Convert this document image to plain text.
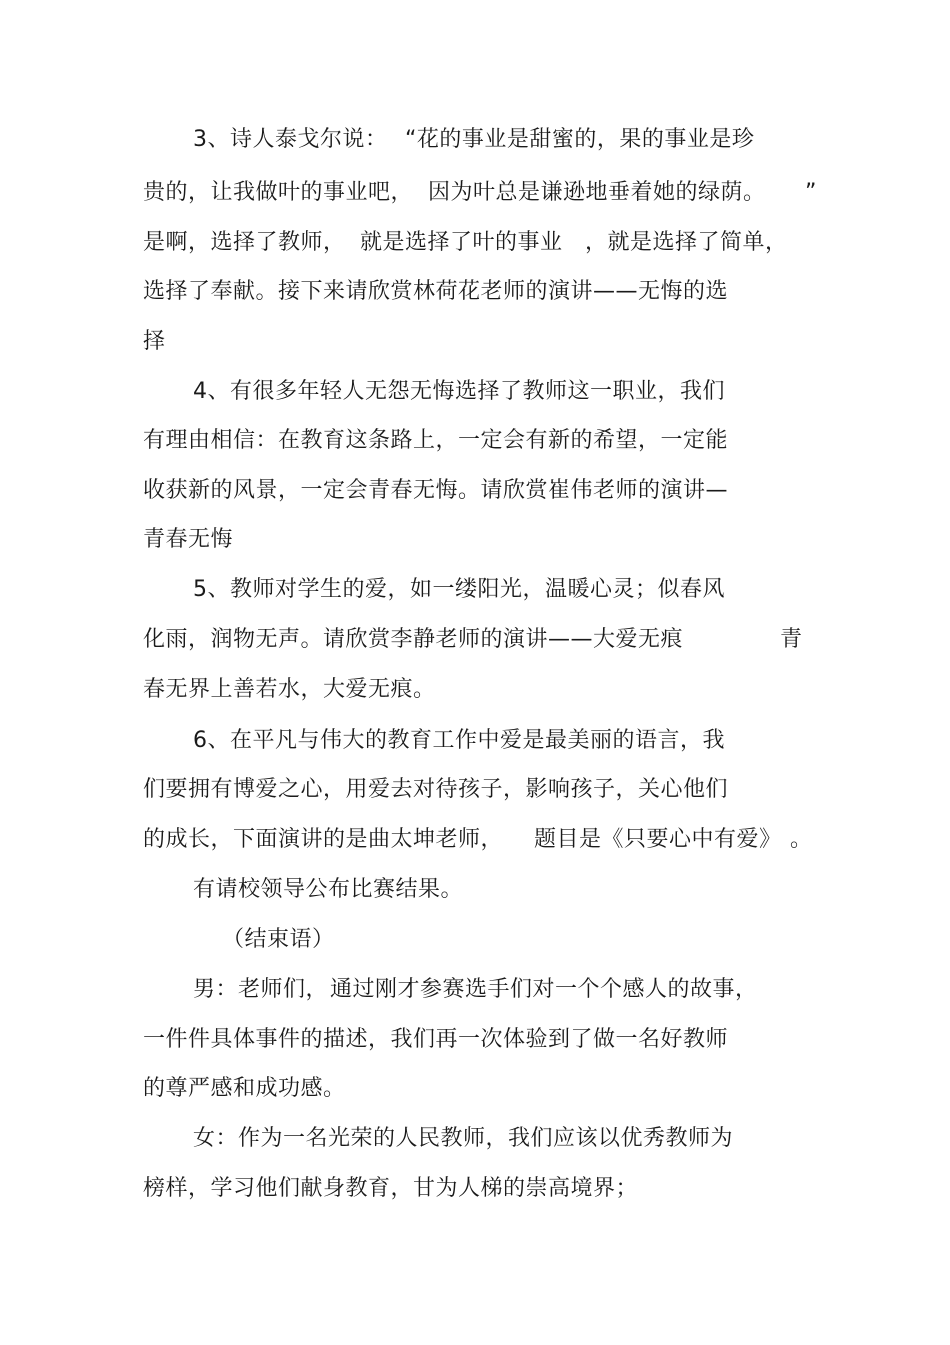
3、诗人泰戈尔说： “花的事业是甜蜜的，果的事业是珍
贵的，让我做叶的事业吧， 因为叶总是谦逊地垂着她的绿荫。 ”
是啊，选择了教师， 就是选择了叶的事业 ，就是选择了简单，
选择了奉献。接下来请欣赏林荷花老师的演讲——无悔的选
择
4、有很多年轻人无怨无悔选择了教师这一职业，我们
有理由相信：在教育这条路上，一定会有新的希望，一定能
收获新的风景，一定会青春无悔。请欣赏崔伟老师的演讲—
青春无悔
5、教师对学生的爱，如一缕阳光，温暖心灵；似春风
化雨，润物无声。请欣赏李静老师的演讲——大爱无痕	青
春无界上善若水，大爱无痕。
6、在平凡与伟大的教育工作中爱是最美丽的语言，我
们要拥有博爱之心，用爱去对待孩子，影响孩子，关心他们
的成长，下面演讲的是曲太坤老师， 题目是《只要心中有爱》 。
有请校领导公布比赛结果。
（结束语）
男：老师们， 通过刚才参赛选手们对一个个感人的故事，
一件件具体事件的描述，我们再一次体验到了做一名好教师
的尊严感和成功感。
女：作为一名光荣的人民教师，我们应该以优秀教师为
榜样，学习他们献身教育，甘为人梯的崇高境界；
